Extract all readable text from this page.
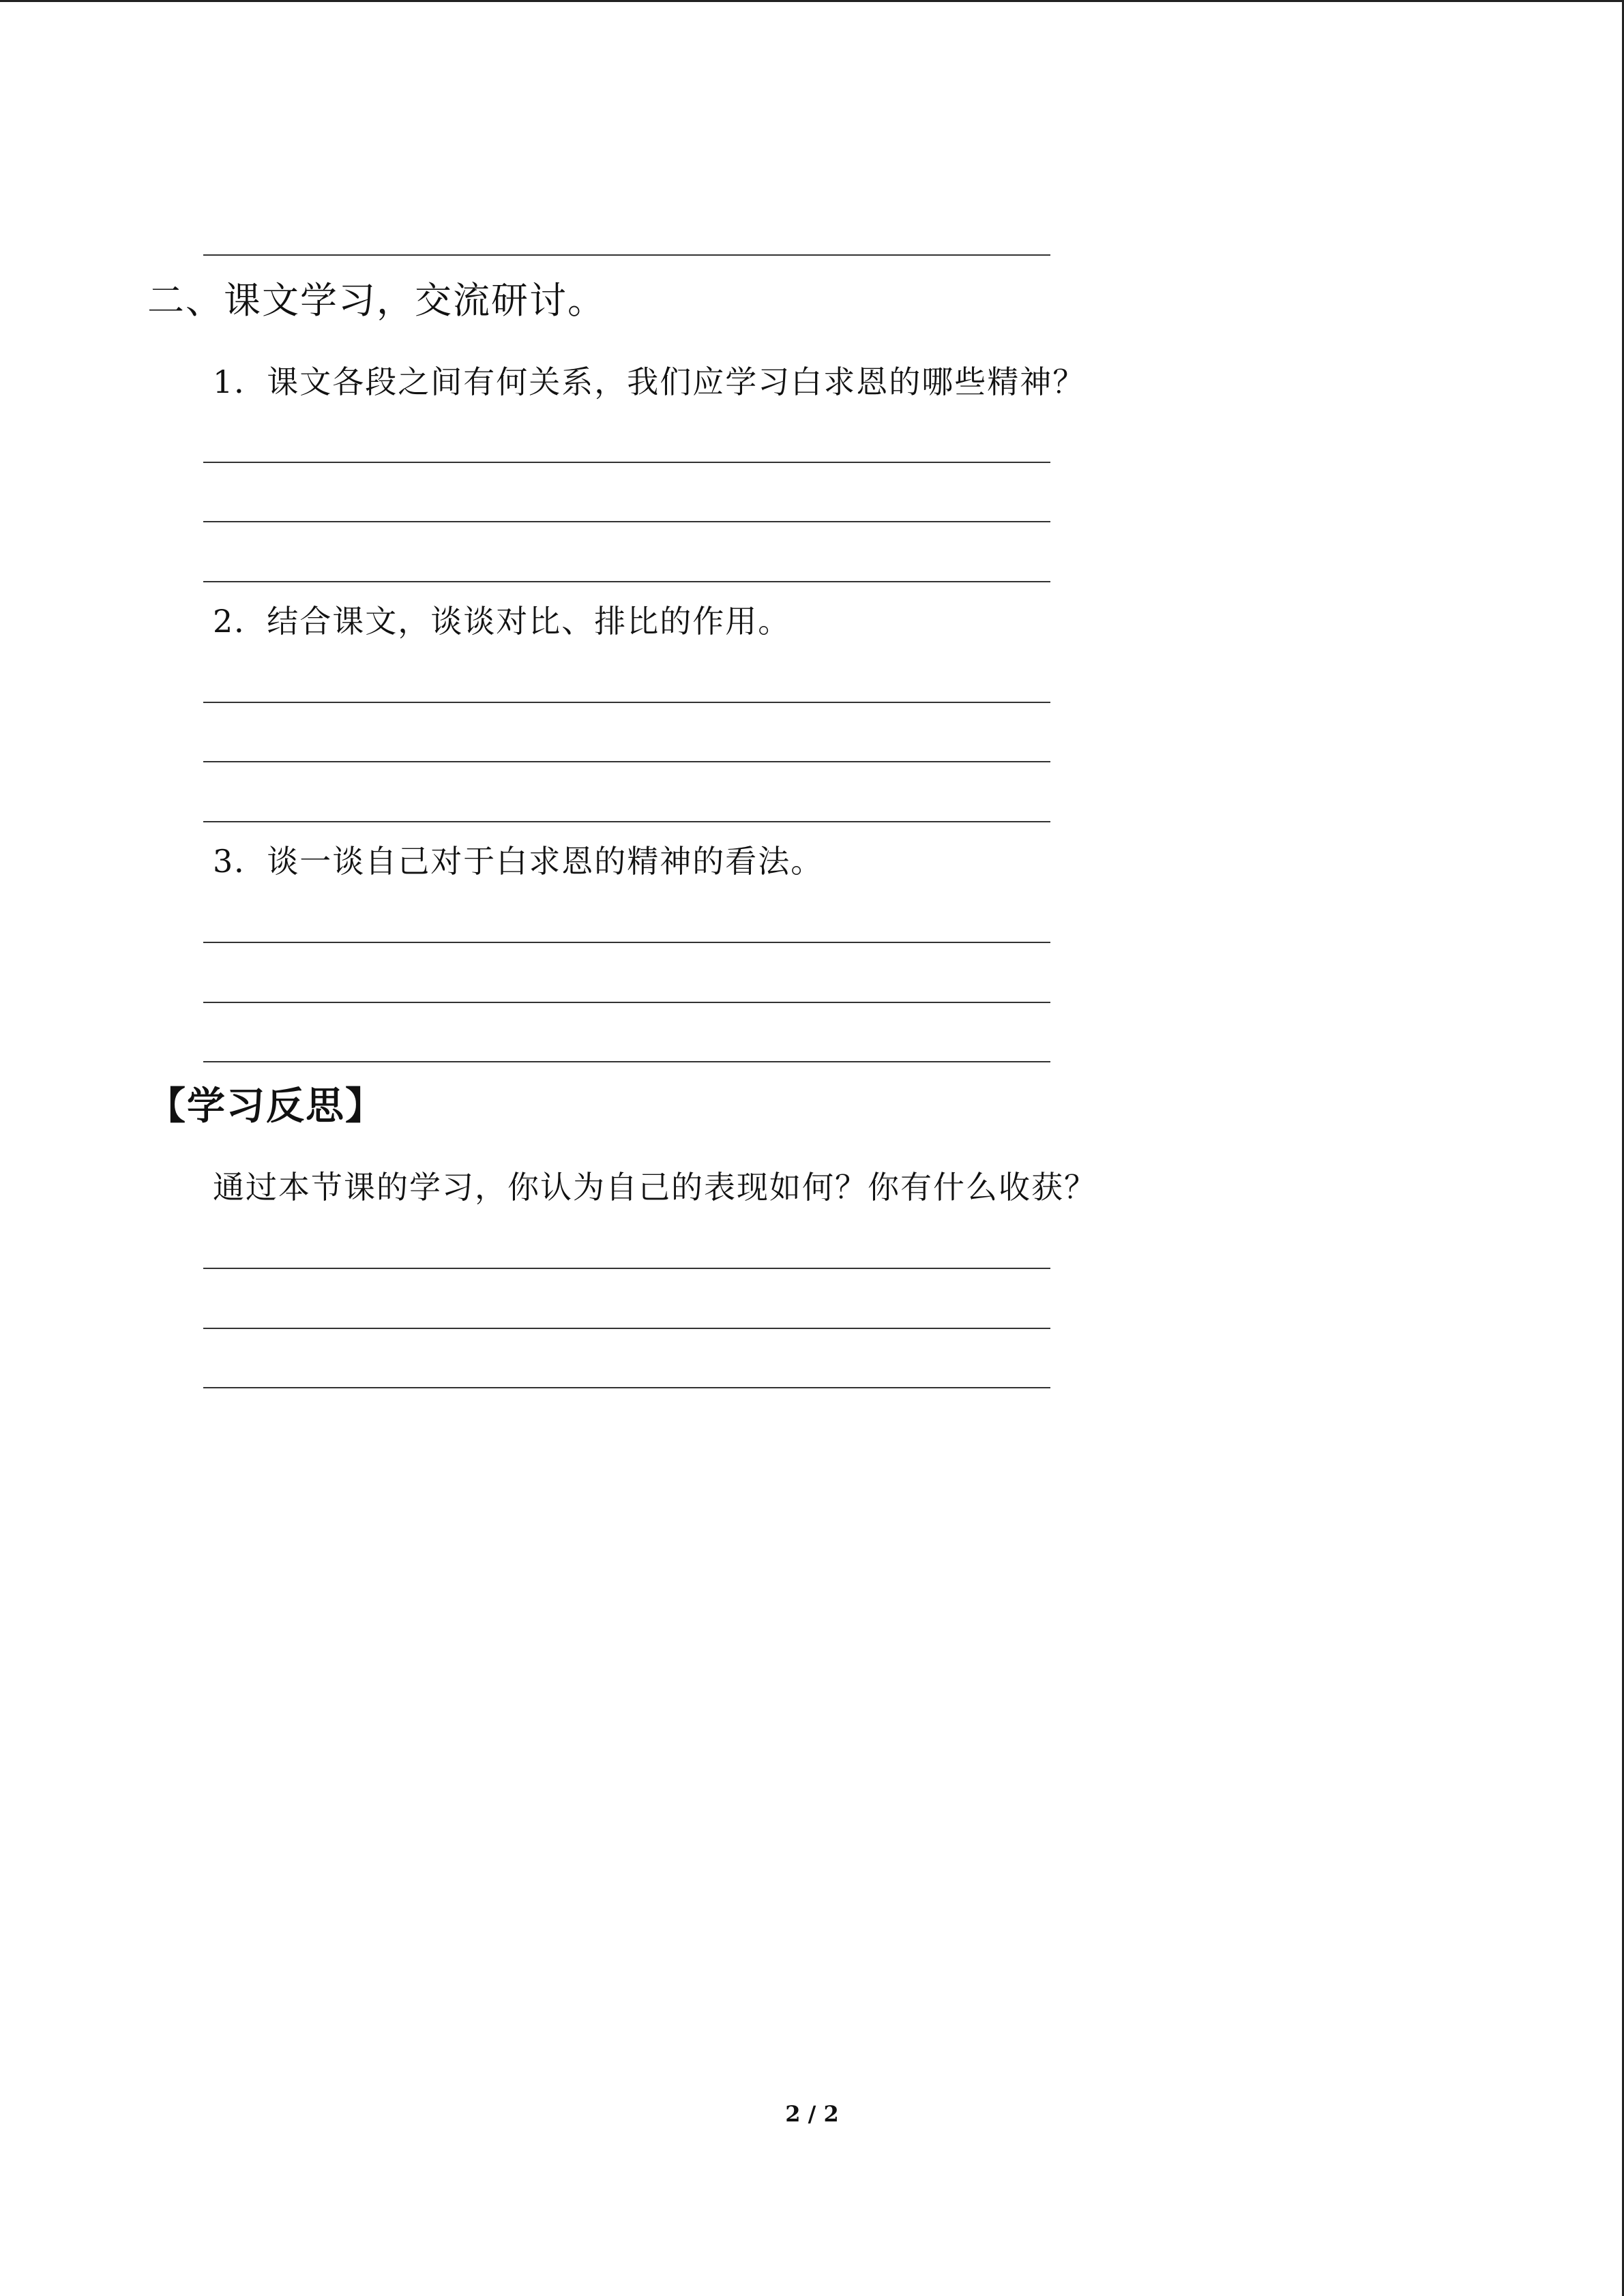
二、课文学习，交流研讨。
1．课文各段之间有何关系，我们应学习白求恩的哪些精神？
2．结合课文，谈谈对比、排比的作用。
3．谈一谈自己对于白求恩的精神的看法。
【学习反思】
通过本节课的学习，你认为自己的表现如何？你有什么收获？
2 / 2
